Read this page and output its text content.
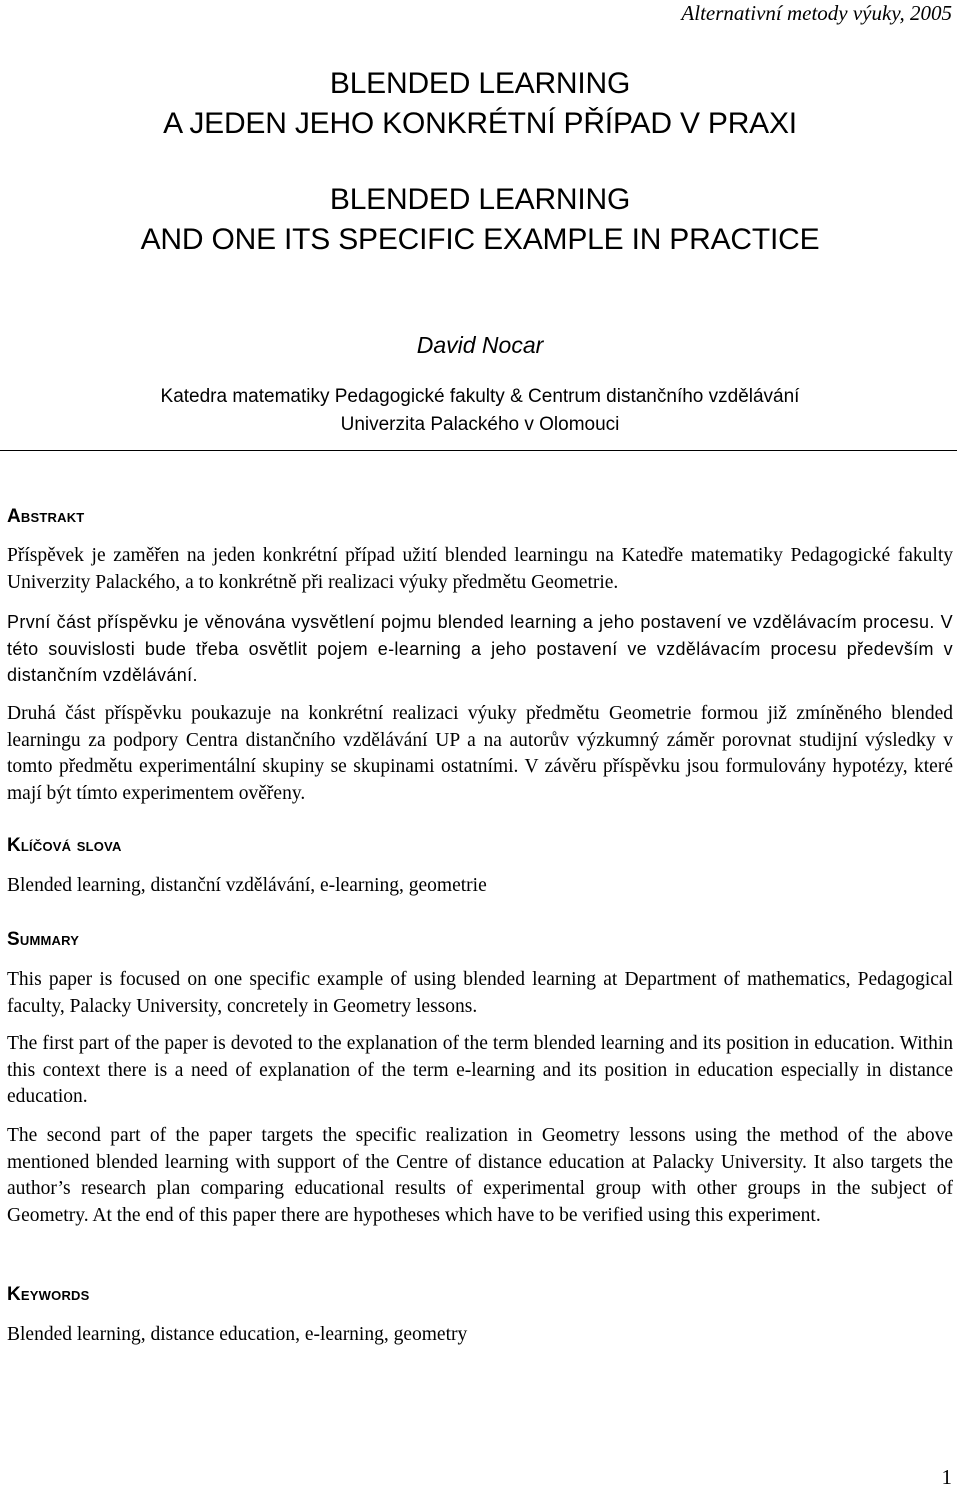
Alternativní metody výuky, 2005
BLENDED LEARNING
A JEDEN JEHO KONKRÉTNÍ PŘÍPAD V PRAXI
BLENDED LEARNING
AND ONE ITS SPECIFIC EXAMPLE IN PRACTICE
David Nocar
Katedra matematiky Pedagogické fakulty & Centrum distančního vzdělávání
Univerzita Palackého v Olomouci
Abstrakt
Příspěvek je zaměřen na jeden konkrétní případ užití blended learningu na Katedře matematiky Pedagogické fakulty Univerzity Palackého, a to konkrétně při realizaci výuky předmětu Geometrie.
První část příspěvku je věnována vysvětlení pojmu blended learning a jeho postavení ve vzdělávacím procesu. V této souvislosti bude třeba osvětlit pojem e-learning a jeho postavení ve vzdělávacím procesu především v distančním vzdělávání.
Druhá část příspěvku poukazuje na konkrétní realizaci výuky předmětu Geometrie formou již zmíněného blended learningu za podpory Centra distančního vzdělávání UP a na autorův výzkumný záměr porovnat studijní výsledky v tomto předmětu experimentální skupiny se skupinami ostatními. V závěru příspěvku jsou formulovány hypotézy, které mají být tímto experimentem ověřeny.
Klíčová slova
Blended learning, distanční vzdělávání, e-learning, geometrie
Summary
This paper is focused on one specific example of using blended learning at Department of mathematics, Pedagogical faculty, Palacky University, concretely in Geometry lessons.
The first part of the paper is devoted to the explanation of the term blended learning and its position in education. Within this context there is a need of explanation of the term e-learning and its position in education especially in distance education.
The second part of the paper targets the specific realization in Geometry lessons using the method of the above mentioned blended learning with support of the Centre of distance education at Palacky University. It also targets the author’s research plan comparing educational results of experimental group with other groups in the subject of Geometry. At the end of this paper there are hypotheses which have to be verified using this experiment.
Keywords
Blended learning, distance education, e-learning, geometry
1
